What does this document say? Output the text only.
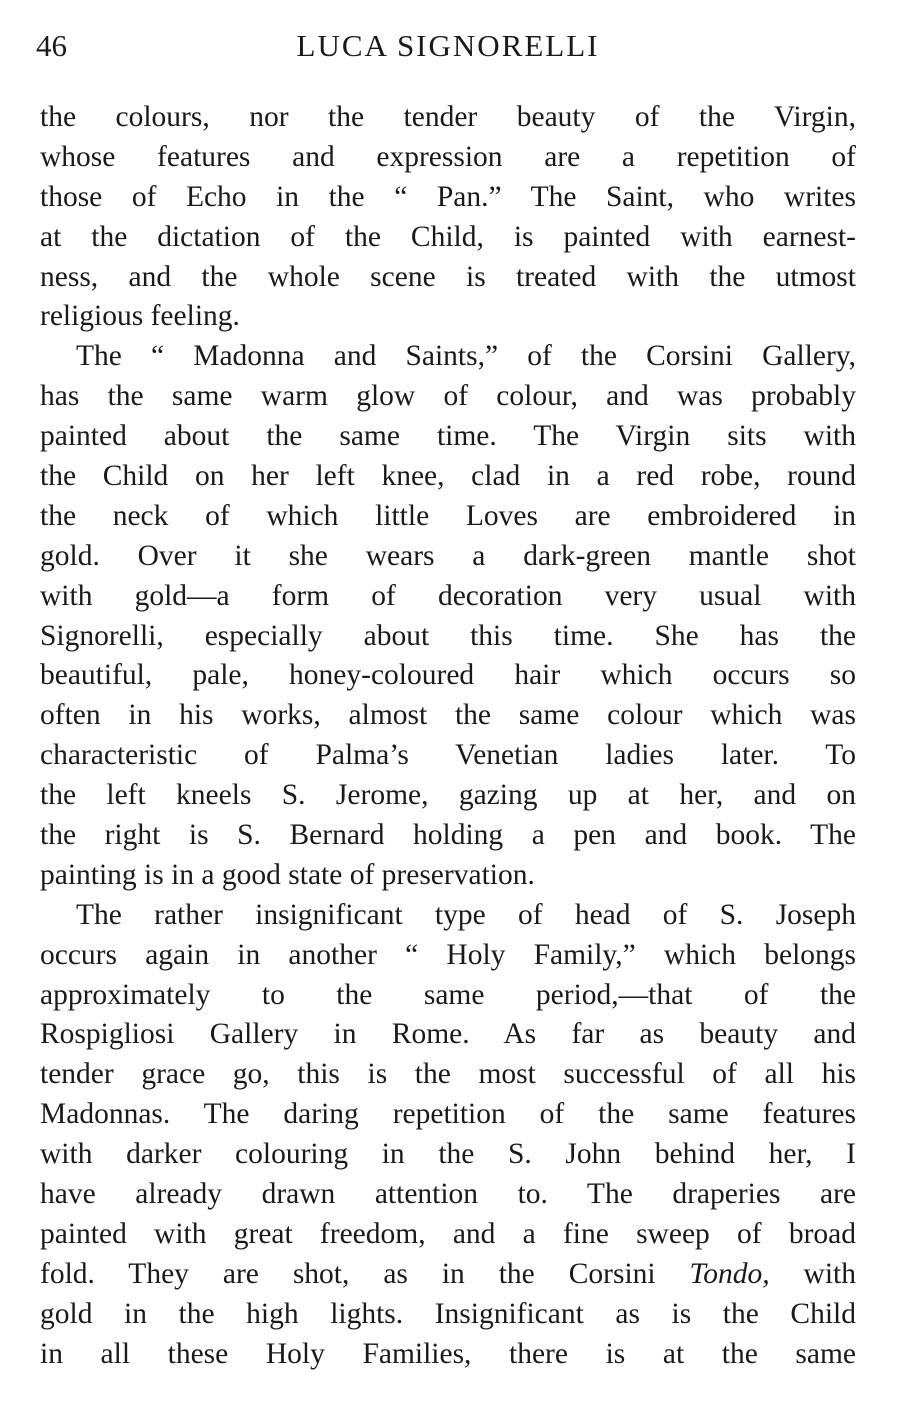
46	LUCA SIGNORELLI
the colours, nor the tender beauty of the Virgin,
whose features and expression are a repetition of
those of Echo in the “ Pan.” The Saint, who writes
at the dictation of the Child, is painted with earnest-
ness, and the whole scene is treated with the utmost
religious feeling.
The “ Madonna and Saints,” of the Corsini Gallery,
has the same warm glow of colour, and was probably
painted about the same time. The Virgin sits with
the Child on her left knee, clad in a red robe, round
the neck of which little Loves are embroidered in
gold. Over it she wears a dark-green mantle shot
with gold—a form of decoration very usual with
Signorelli, especially about this time. She has the
beautiful, pale, honey-coloured hair which occurs so
often in his works, almost the same colour which was
characteristic of Palma’s Venetian ladies later. To
the left kneels S. Jerome, gazing up at her, and on
the right is S. Bernard holding a pen and book. The
painting is in a good state of preservation.
The rather insignificant type of head of S. Joseph
occurs again in another “ Holy Family,” which belongs
approximately to the same period,—that of the
Rospigliosi Gallery in Rome. As far as beauty and
tender grace go, this is the most successful of all his
Madonnas. The daring repetition of the same features
with darker colouring in the S. John behind her, I
have already drawn attention to. The draperies are
painted with great freedom, and a fine sweep of broad
fold. They are shot, as in the Corsini Tondo, with
gold in the high lights. Insignificant as is the Child
in all these Holy Families, there is at the same
